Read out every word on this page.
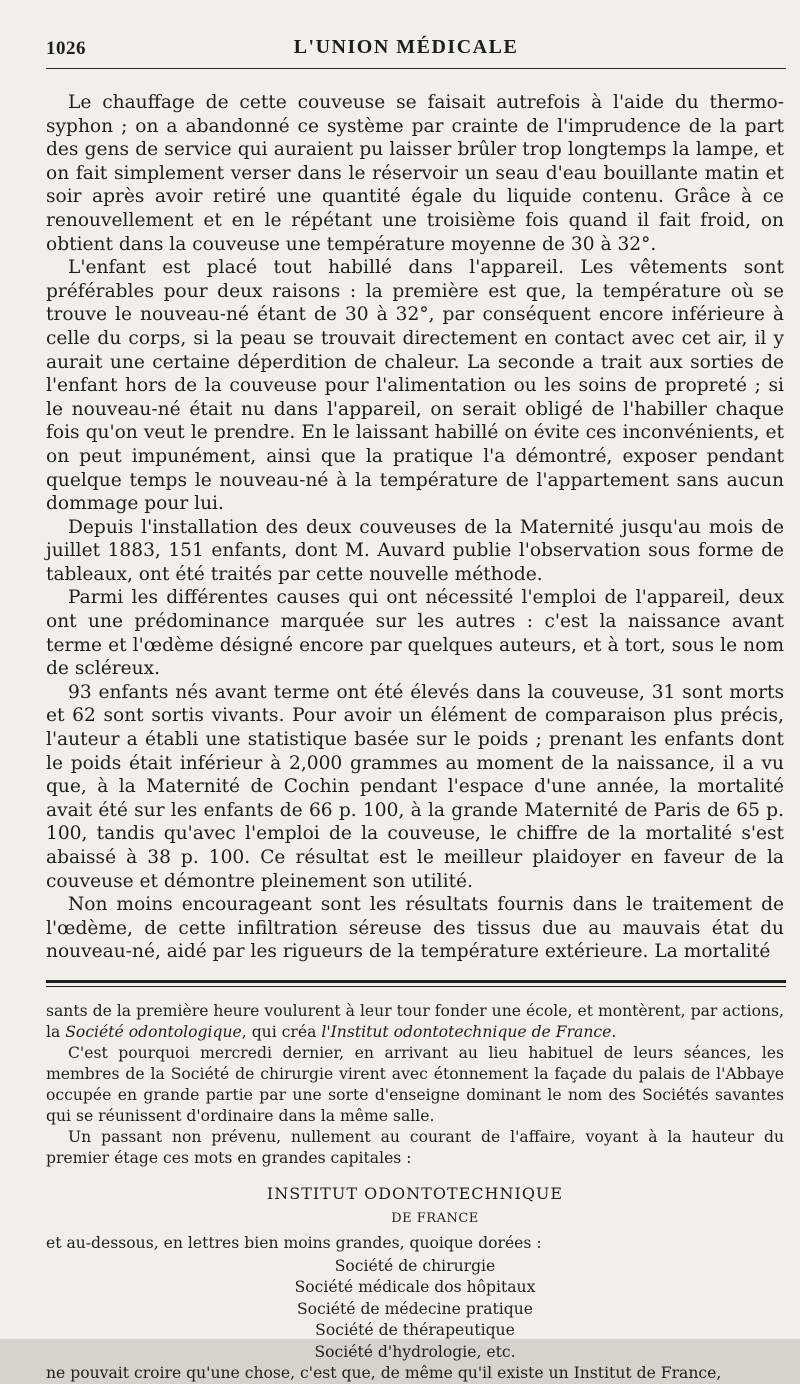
1026	L'UNION MÉDICALE

Le chauffage de cette couveuse se faisait autrefois à l'aide du thermo-syphon ; on a abandonné ce système par crainte de l'imprudence de la part des gens de service qui auraient pu laisser brûler trop longtemps la lampe, et on fait simplement verser dans le réservoir un seau d'eau bouillante matin et soir après avoir retiré une quantité égale du liquide contenu. Grâce à ce renouvellement et en le répétant une troisième fois quand il fait froid, on obtient dans la couveuse une température moyenne de 30 à 32°.

L'enfant est placé tout habillé dans l'appareil. Les vêtements sont préférables pour deux raisons : la première est que, la température où se trouve le nouveau-né étant de 30 à 32°, par conséquent encore inférieure à celle du corps, si la peau se trouvait directement en contact avec cet air, il y aurait une certaine déperdition de chaleur. La seconde a trait aux sorties de l'enfant hors de la couveuse pour l'alimentation ou les soins de propreté ; si le nouveau-né était nu dans l'appareil, on serait obligé de l'habiller chaque fois qu'on veut le prendre. En le laissant habillé on évite ces inconvénients, et on peut impunément, ainsi que la pratique l'a démontré, exposer pendant quelque temps le nouveau-né à la température de l'appartement sans aucun dommage pour lui.

Depuis l'installation des deux couveuses de la Maternité jusqu'au mois de juillet 1883, 151 enfants, dont M. Auvard publie l'observation sous forme de tableaux, ont été traités par cette nouvelle méthode.

Parmi les différentes causes qui ont nécessité l'emploi de l'appareil, deux ont une prédominance marquée sur les autres : c'est la naissance avant terme et l'œdème désigné encore par quelques auteurs, et à tort, sous le nom de scléreux.

93 enfants nés avant terme ont été élevés dans la couveuse, 31 sont morts et 62 sont sortis vivants. Pour avoir un élément de comparaison plus précis, l'auteur a établi une statistique basée sur le poids ; prenant les enfants dont le poids était inférieur à 2,000 grammes au moment de la naissance, il a vu que, à la Maternité de Cochin pendant l'espace d'une année, la mortalité avait été sur les enfants de 66 p. 100, à la grande Maternité de Paris de 65 p. 100, tandis qu'avec l'emploi de la couveuse, le chiffre de la mortalité s'est abaissé à 38 p. 100. Ce résultat est le meilleur plaidoyer en faveur de la couveuse et démontre pleinement son utilité.

Non moins encourageant sont les résultats fournis dans le traitement de l'œdème, de cette infiltration séreuse des tissus due au mauvais état du nouveau-né, aidé par les rigueurs de la température extérieure. La mortalité

sants de la première heure voulurent à leur tour fonder une école, et montèrent, par actions, la Société odontologique, qui créa l'Institut odontotechnique de France.

C'est pourquoi mercredi dernier, en arrivant au lieu habituel de leurs séances, les membres de la Société de chirurgie virent avec étonnement la façade du palais de l'Abbaye occupée en grande partie par une sorte d'enseigne dominant le nom des Sociétés savantes qui se réunissent d'ordinaire dans la même salle.

Un passant non prévenu, nullement au courant de l'affaire, voyant à la hauteur du premier étage ces mots en grandes capitales :

INSTITUT ODONTOTECHNIQUE
DE FRANCE

et au-dessous, en lettres bien moins grandes, quoique dorées :

Société de chirurgie
Société médicale dos hôpitaux
Société de médecine pratique
Société de thérapeutique
Société d'hydrologie, etc.

ne pouvait croire qu'une chose, c'est que, de même qu'il existe un Institut de France,
